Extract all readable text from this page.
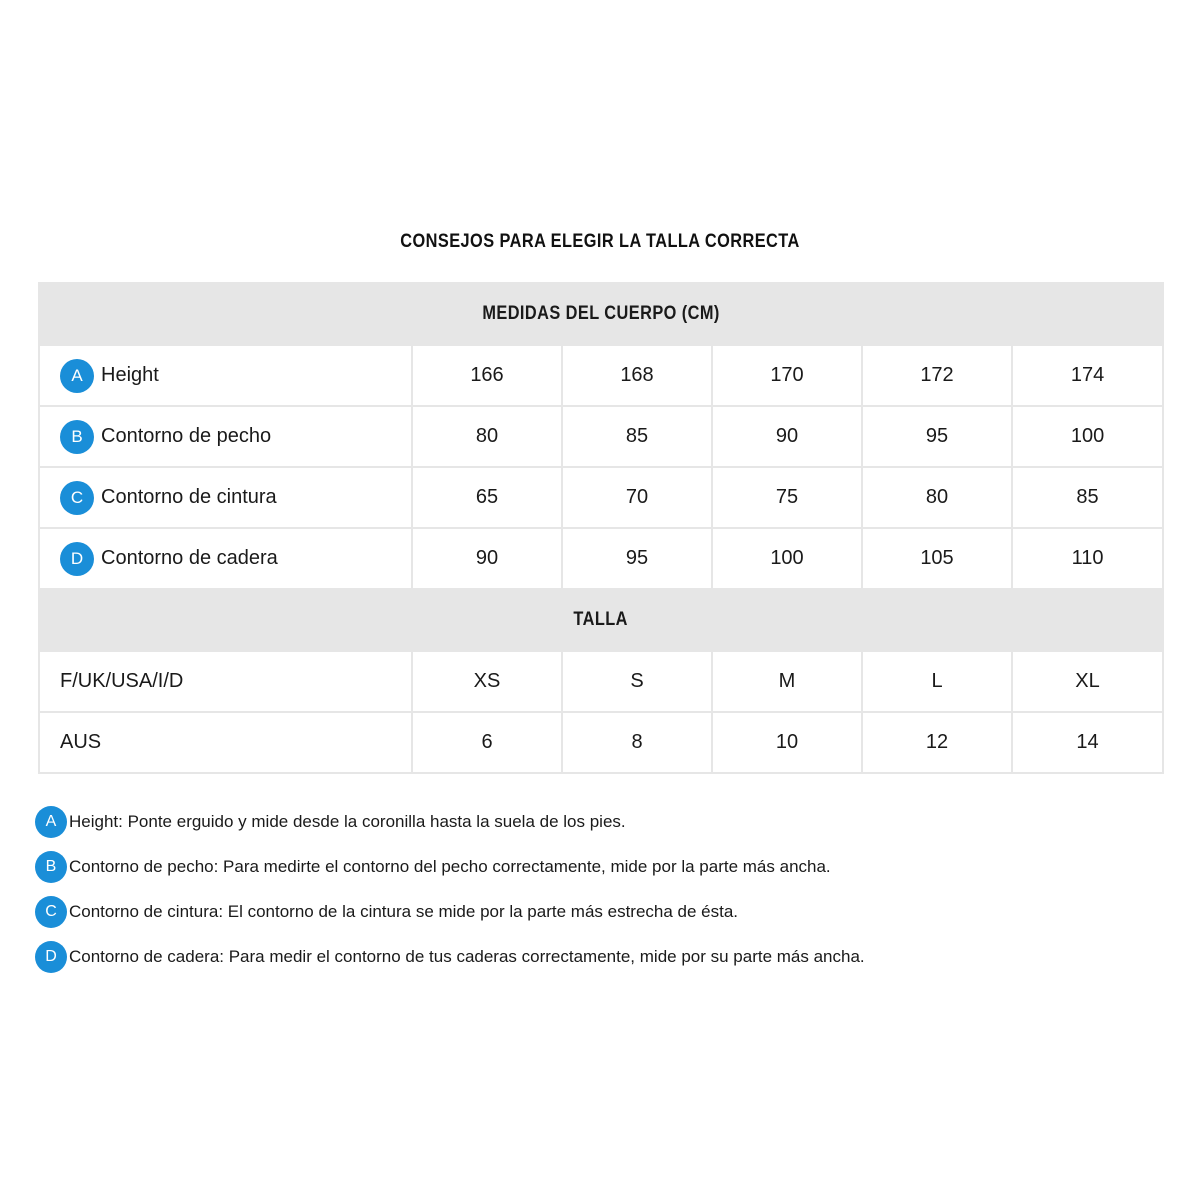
CONSEJOS PARA ELEGIR LA TALLA CORRECTA
MEDIDAS DEL CUERPO (CM)					

A Height	166	168	170	172	174

B Contorno de pecho	80	85	90	95	100

C Contorno de cintura	65	70	75	80	85

D Contorno de cadera	90	95	100	105	110
TALLA					
F/UK/USA/I/D	XS	S	M	L	XL
AUS	6	8	10	12	14
A Height: Ponte erguido y mide desde la coronilla hasta la suela de los pies.
B Contorno de pecho: Para medirte el contorno del pecho correctamente, mide por la parte más ancha.
C Contorno de cintura: El contorno de la cintura se mide por la parte más estrecha de ésta.
D Contorno de cadera: Para medir el contorno de tus caderas correctamente, mide por su parte más ancha.
